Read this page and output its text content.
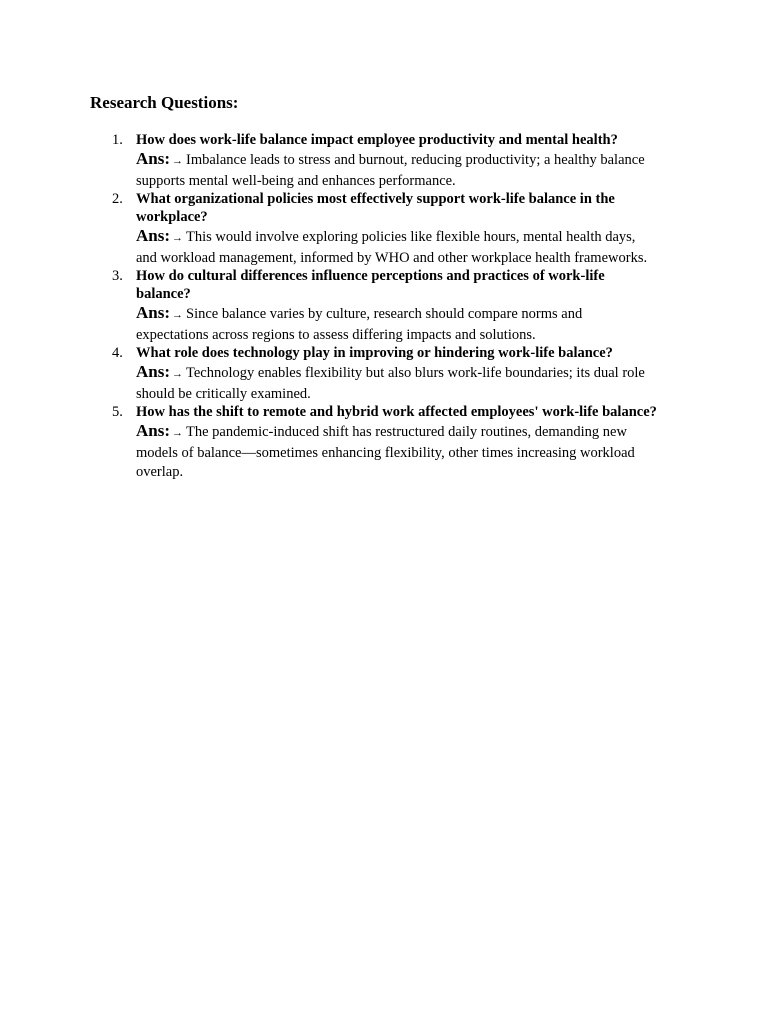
Research Questions:
1. How does work-life balance impact employee productivity and mental health?
Ans: → Imbalance leads to stress and burnout, reducing productivity; a healthy balance
supports mental well-being and enhances performance.
2. What organizational policies most effectively support work-life balance in the
workplace?
Ans: → This would involve exploring policies like flexible hours, mental health days,
and workload management, informed by WHO and other workplace health frameworks.
3. How do cultural differences influence perceptions and practices of work-life
balance?
Ans: → Since balance varies by culture, research should compare norms and
expectations across regions to assess differing impacts and solutions.
4. What role does technology play in improving or hindering work-life balance?
Ans: → Technology enables flexibility but also blurs work-life boundaries; its dual role
should be critically examined.
5. How has the shift to remote and hybrid work affected employees' work-life balance?
Ans: → The pandemic-induced shift has restructured daily routines, demanding new
models of balance—sometimes enhancing flexibility, other times increasing workload
overlap.
